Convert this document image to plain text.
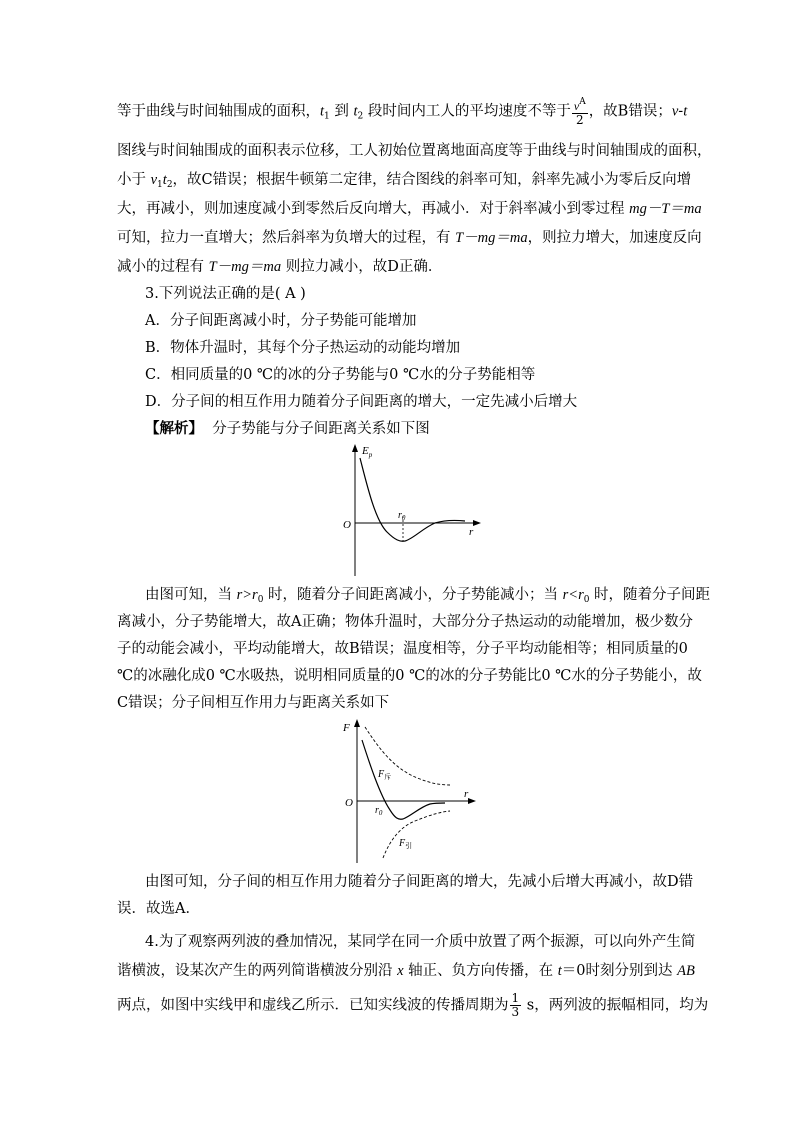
等于曲线与时间轴围成的面积，$t_1$ 到 $t_2$ 段时间内工人的平均速度不等于 $\frac{v^A}{2}$ ，故B错误；v-t
图线与时间轴围成的面积表示位移，工人初始位置离地面高度等于曲线与时间轴围成的面积，
小于 $v_1t_2$，故C错误；根据牛顿第二定律，结合图线的斜率可知，斜率先减小为零后反向增
大，再减小，则加速度减小到零然后反向增大，再减小．对于斜率减小到零过程 mg－T＝ma
可知，拉力一直增大；然后斜率为负增大的过程，有 T－mg＝ma，则拉力增大，加速度反向
减小的过程有 T－mg＝ma 则拉力减小，故D正确．
3.下列说法正确的是( A )
A．分子间距离减小时，分子势能可能增加
B．物体升温时，其每个分子热运动的动能均增加
C．相同质量的0 ℃的冰的分子势能与0 ℃水的分子势能相等
D．分子间的相互作用力随着分子间距离的增大，一定先减小后增大
【解析】 分子势能与分子间距离关系如下图
$E_p$
O
r
$r_0$
由图可知，当 $r>r_0$ 时，随着分子间距离减小，分子势能减小；当 $r<r_0$ 时，随着分子间距
离减小，分子势能增大，故A正确；物体升温时，大部分分子热运动的动能增加，极少数分
子的动能会减小，平均动能增大，故B错误；温度相等，分子平均动能相等；相同质量的0
℃的冰融化成0 ℃水吸热，说明相同质量的0 ℃的冰的分子势能比0 ℃水的分子势能小，故
C错误；分子间相互作用力与距离关系如下
F
O
r
$r_0$
$F_斥$
$F_引$
由图可知，分子间的相互作用力随着分子间距离的增大，先减小后增大再减小，故D错
误．故选A．
4.为了观察两列波的叠加情况，某同学在同一介质中放置了两个振源，可以向外产生简
谐横波，设某次产生的两列简谐横波分别沿 x 轴正、负方向传播，在 t＝0时刻分别到达 AB
两点，如图中实线甲和虚线乙所示．已知实线波的传播周期为 $\frac{1}{3}$ s，两列波的振幅相同，均为
